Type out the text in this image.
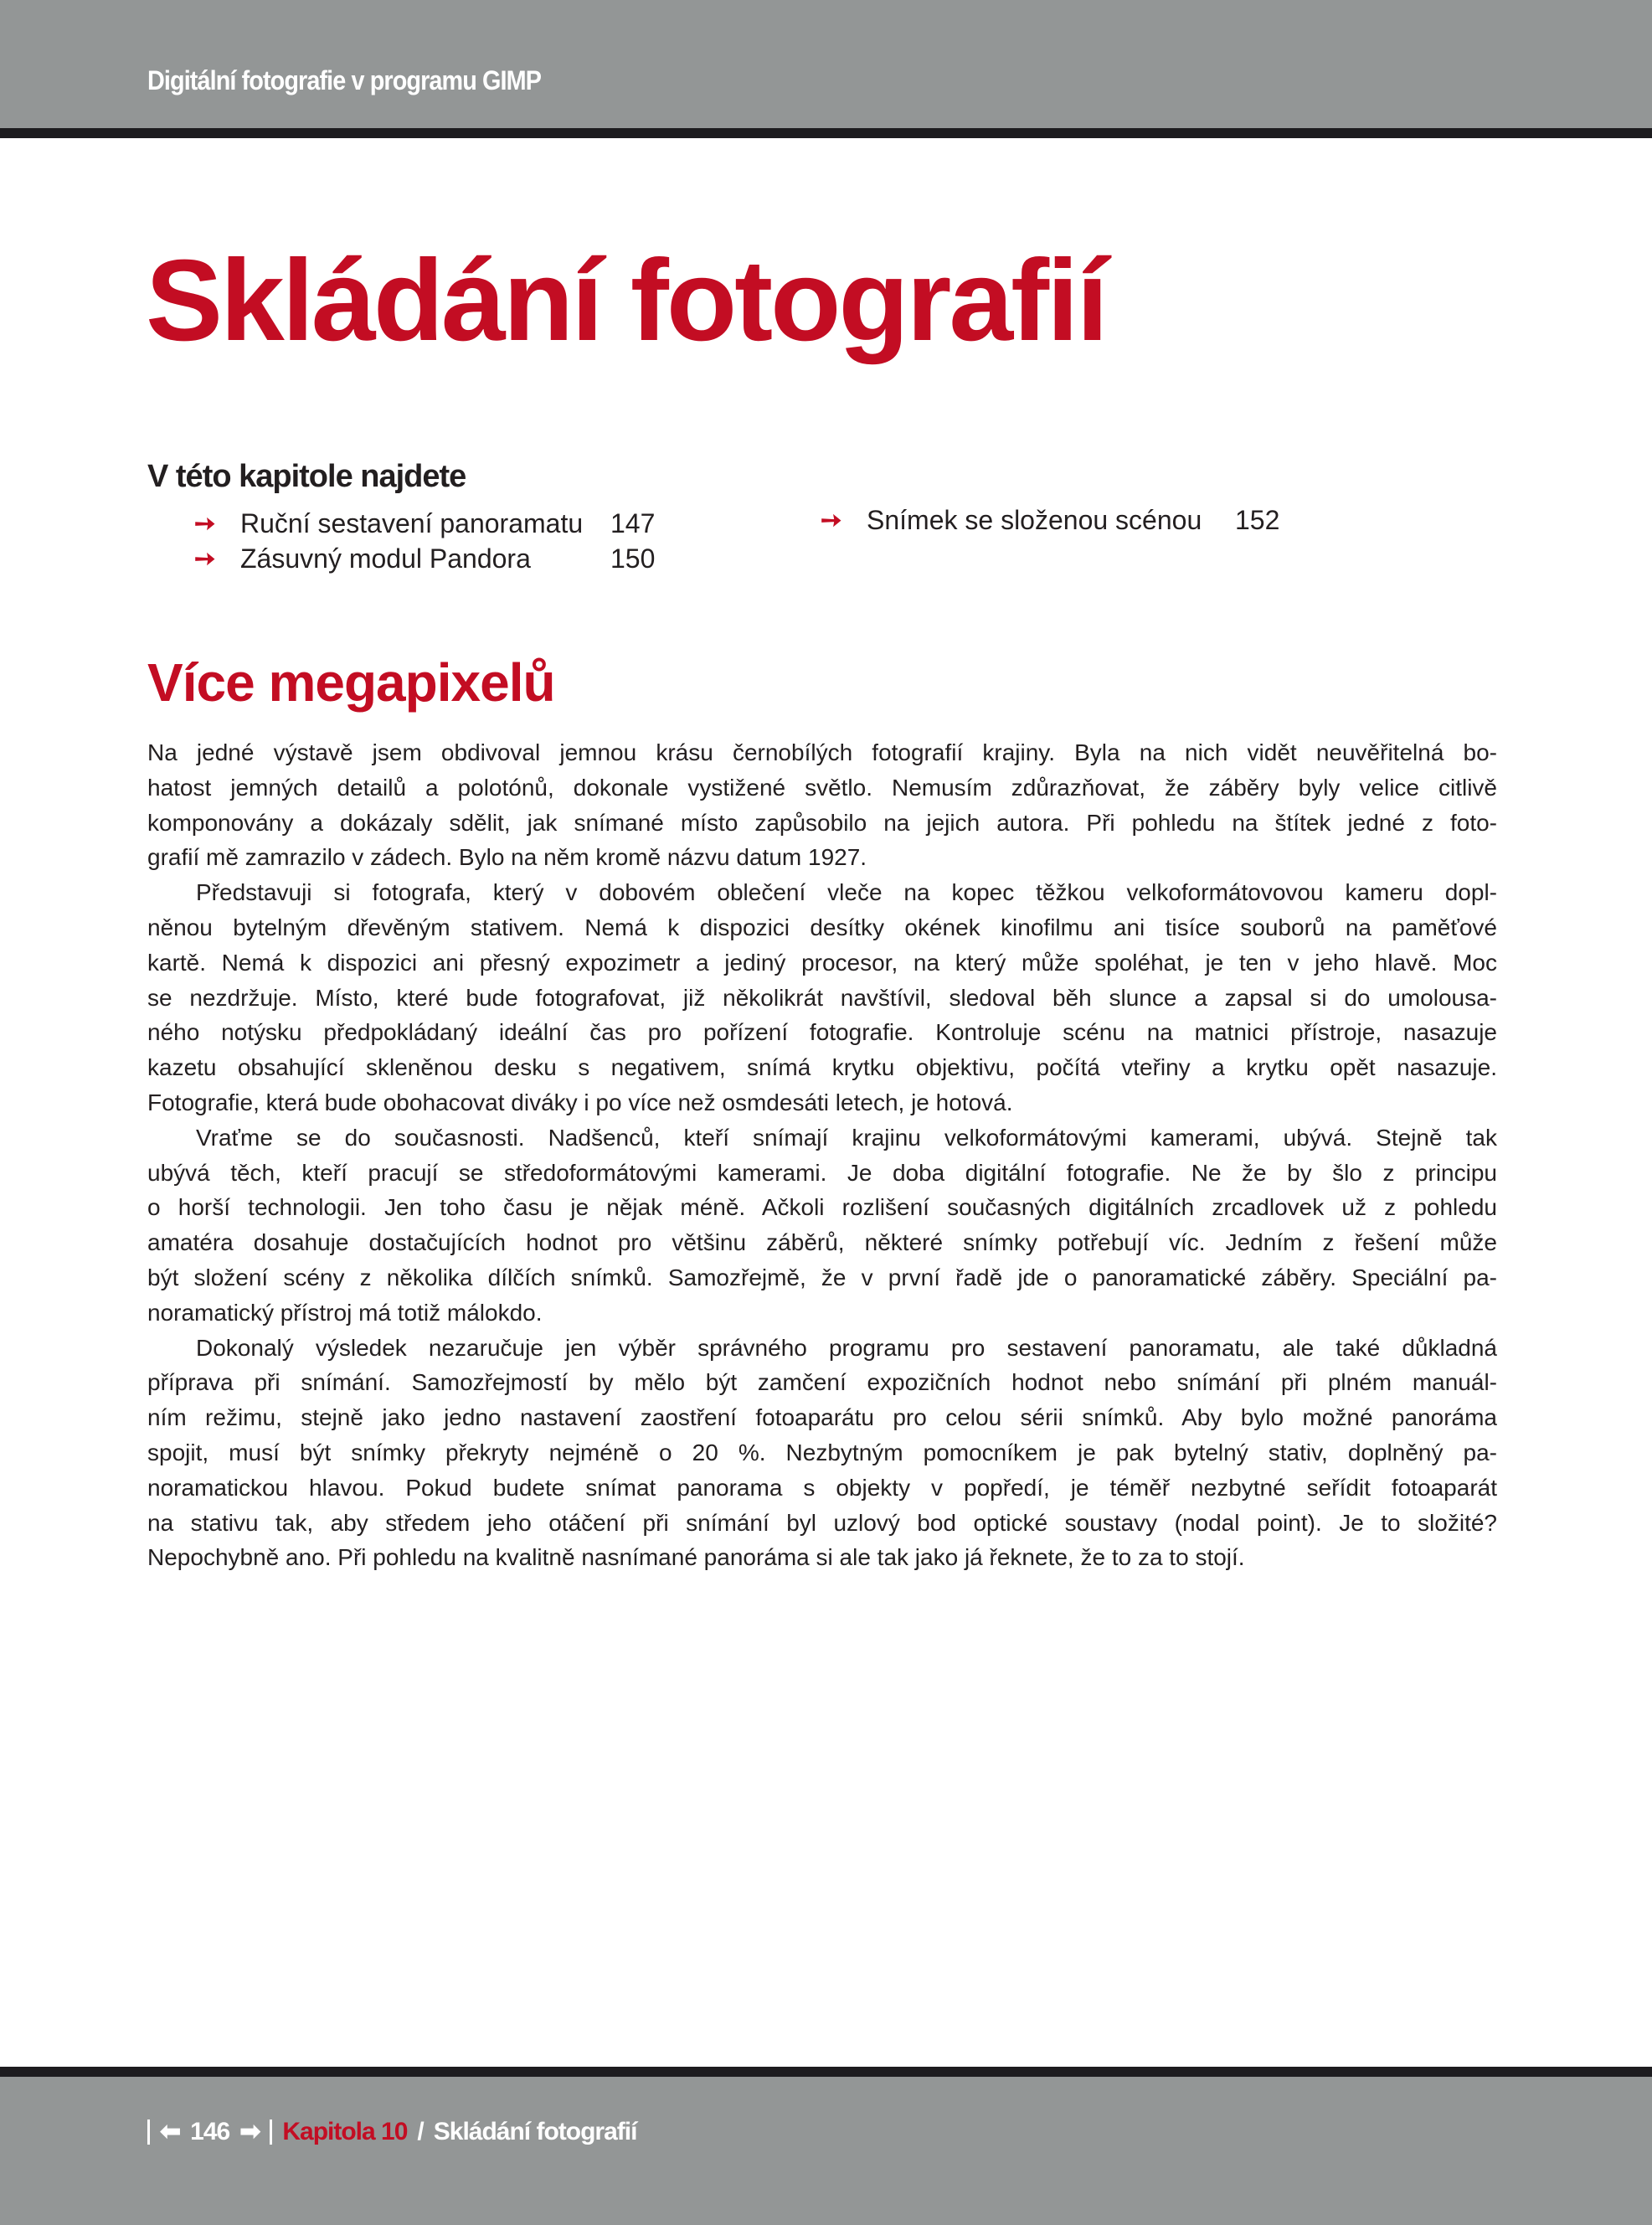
Digitální fotografie v programu GIMP
Skládání fotografií
V této kapitole najdete
➙ Ruční sestavení panoramatu 147
➙ Zásuvný modul Pandora	150
➙ Snímek se složenou scénou 152
Více megapixelů
Na jedné výstavě jsem obdivoval jemnou krásu černobílých fotografií krajiny. Byla na nich vidět neuvěřitelná bo-
hatost jemných detailů a polotónů, dokonale vystižené světlo. Nemusím zdůrazňovat, že záběry byly velice citlivě
komponovány a dokázaly sdělit, jak snímané místo zapůsobilo na jejich autora. Při pohledu na štítek jedné z foto-
grafií mě zamrazilo v zádech. Bylo na něm kromě názvu datum 1927.
Představuji si fotografa, který v dobovém oblečení vleče na kopec těžkou velkoformátovovou kameru dopl-
něnou bytelným dřevěným stativem. Nemá k dispozici desítky okének kinofilmu ani tisíce souborů na paměťové
kartě. Nemá k dispozici ani přesný expozimetr a jediný procesor, na který může spoléhat, je ten v jeho hlavě. Moc
se nezdržuje. Místo, které bude fotografovat, již několikrát navštívil, sledoval běh slunce a zapsal si do umolousa-
ného notýsku předpokládaný ideální čas pro pořízení fotografie. Kontroluje scénu na matnici přístroje, nasazuje
kazetu obsahující skleněnou desku s negativem, snímá krytku objektivu, počítá vteřiny a krytku opět nasazuje.
Fotografie, která bude obohacovat diváky i po více než osmdesáti letech, je hotová.
Vraťme se do současnosti. Nadšenců, kteří snímají krajinu velkoformátovými kamerami, ubývá. Stejně tak
ubývá těch, kteří pracují se středoformátovými kamerami. Je doba digitální fotografie. Ne že by šlo z principu
o horší technologii. Jen toho času je nějak méně. Ačkoli rozlišení současných digitálních zrcadlovek už z pohledu
amatéra dosahuje dostačujících hodnot pro většinu záběrů, některé snímky potřebují víc. Jedním z řešení může
být složení scény z několika dílčích snímků. Samozřejmě, že v první řadě jde o panoramatické záběry. Speciální pa-
noramatický přístroj má totiž málokdo.
Dokonalý výsledek nezaručuje jen výběr správného programu pro sestavení panoramatu, ale také důkladná
příprava při snímání. Samozřejmostí by mělo být zamčení expozičních hodnot nebo snímání při plném manuál-
ním režimu, stejně jako jedno nastavení zaostření fotoaparátu pro celou sérii snímků. Aby bylo možné panoráma
spojit, musí být snímky překryty nejméně o 20 %. Nezbytným pomocníkem je pak bytelný stativ, doplněný pa-
noramatickou hlavou. Pokud budete snímat panorama s objekty v popředí, je téměř nezbytné seřídit fotoaparát
na stativu tak, aby středem jeho otáčení při snímání byl uzlový bod optické soustavy (nodal point). Je to složité?
Nepochybně ano. Při pohledu na kvalitně nasnímané panoráma si ale tak jako já řeknete, že to za to stojí.
⬅ 146 ➡ Kapitola 10 / Skládání fotografií
